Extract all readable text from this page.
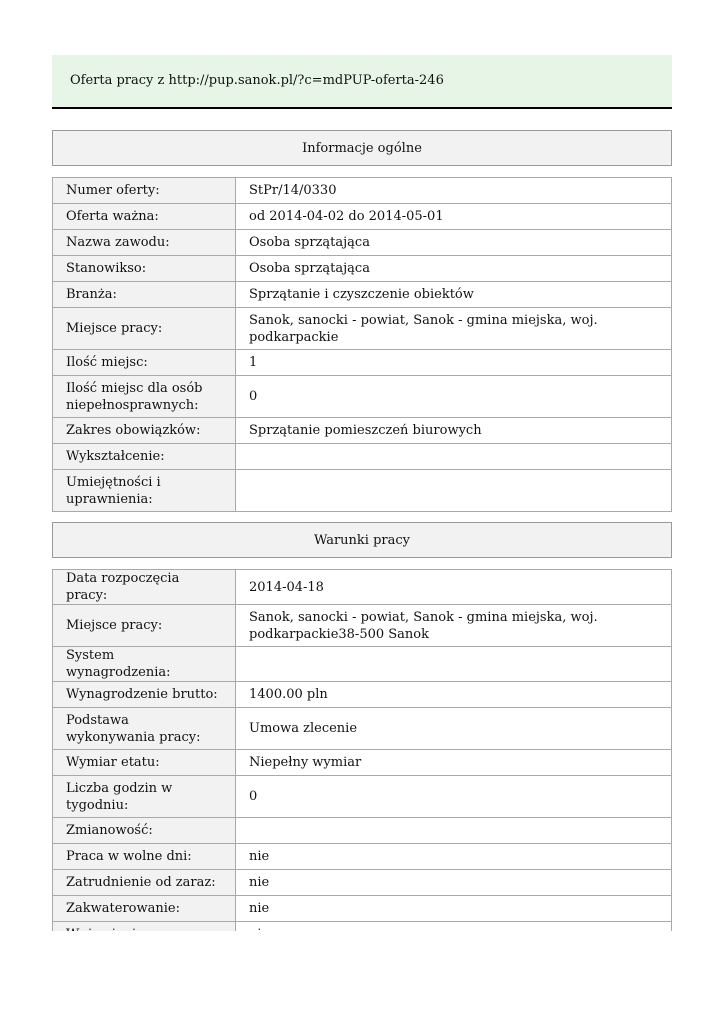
Oferta pracy z http://pup.sanok.pl/?c=mdPUP-oferta-246
Informacje ogólne
Numer oferty:	StPr/14/0330
Oferta ważna:	od 2014-04-02 do 2014-05-01
Nazwa zawodu:	Osoba sprzątająca
Stanowikso:	Osoba sprzątająca
Branża:	Sprzątanie i czyszczenie obiektów
Miejsce pracy:	Sanok, sanocki - powiat, Sanok - gmina miejska, woj. podkarpackie
Ilość miejsc:	1
Ilość miejsc dla osób niepełnosprawnych:	0
Zakres obowiązków:	Sprzątanie pomieszczeń biurowych
Wykształcenie:	
Umiejętności i uprawnienia:	
Warunki pracy
Data rozpoczęcia pracy:	2014-04-18
Miejsce pracy:	Sanok, sanocki - powiat, Sanok - gmina miejska, woj. podkarpackie38-500 Sanok
System wynagrodzenia:	
Wynagrodzenie brutto:	1400.00 pln
Podstawa wykonywania pracy:	Umowa zlecenie
Wymiar etatu:	Niepełny wymiar
Liczba godzin w tygodniu:	0
Zmianowość:	
Praca w wolne dni:	nie
Zatrudnienie od zaraz:	nie
Zakwaterowanie:	nie
